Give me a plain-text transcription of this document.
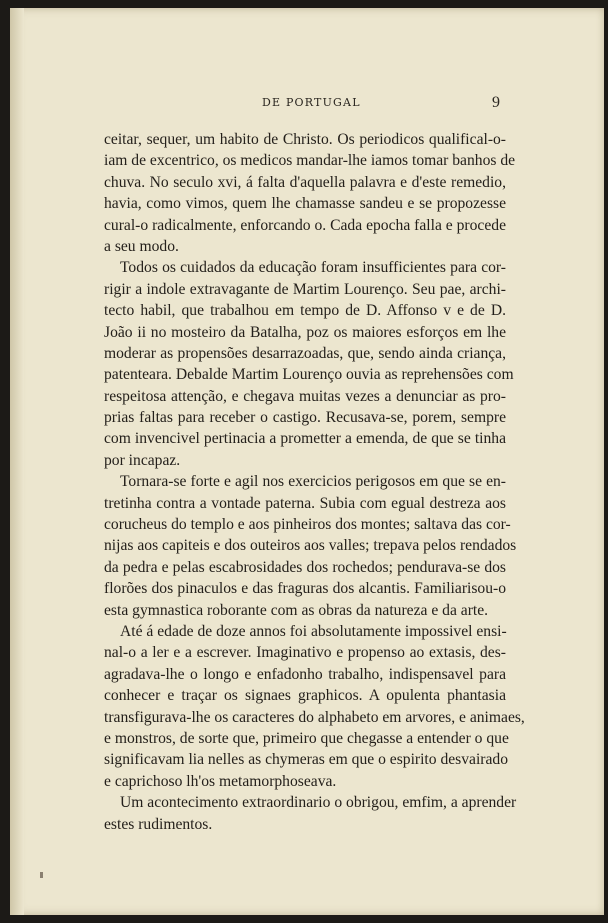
DE PORTUGAL	9
ceitar, sequer, um habito de Christo. Os periodicos qualifical-o-
iam de excentrico, os medicos mandar-lhe iamos tomar banhos de
chuva. No seculo xvi, á falta d'aquella palavra e d'este remedio,
havia, como vimos, quem lhe chamasse sandeu e se propozesse
cural-o radicalmente, enforcando o. Cada epocha falla e procede
a seu modo.
Todos os cuidados da educação foram insufficientes para cor-
rigir a indole extravagante de Martim Lourenço. Seu pae, archi-
tecto habil, que trabalhou em tempo de D. Affonso v e de D.
João ii no mosteiro da Batalha, poz os maiores esforços em lhe
moderar as propensões desarrazoadas, que, sendo ainda criança,
patenteara. Debalde Martim Lourenço ouvia as reprehensões com
respeitosa attenção, e chegava muitas vezes a denunciar as pro-
prias faltas para receber o castigo. Recusava-se, porem, sempre
com invencivel pertinacia a prometter a emenda, de que se tinha
por incapaz.
Tornara-se forte e agil nos exercicios perigosos em que se en-
tretinha contra a vontade paterna. Subia com egual destreza aos
corucheus do templo e aos pinheiros dos montes; saltava das cor-
nijas aos capiteis e dos outeiros aos valles; trepava pelos rendados
da pedra e pelas escabrosidades dos rochedos; pendurava-se dos
florões dos pinaculos e das fraguras dos alcantis. Familiarisou-o
esta gymnastica roborante com as obras da natureza e da arte.
Até á edade de doze annos foi absolutamente impossivel ensi-
nal-o a ler e a escrever. Imaginativo e propenso ao extasis, des-
agradava-lhe o longo e enfadonho trabalho, indispensavel para
conhecer e traçar os signaes graphicos. A opulenta phantasia
transfigurava-lhe os caracteres do alphabeto em arvores, e animaes,
e monstros, de sorte que, primeiro que chegasse a entender o que
significavam lia nelles as chymeras em que o espirito desvairado
e caprichoso lh'os metamorphoseava.
Um acontecimento extraordinario o obrigou, emfim, a aprender
estes rudimentos.
